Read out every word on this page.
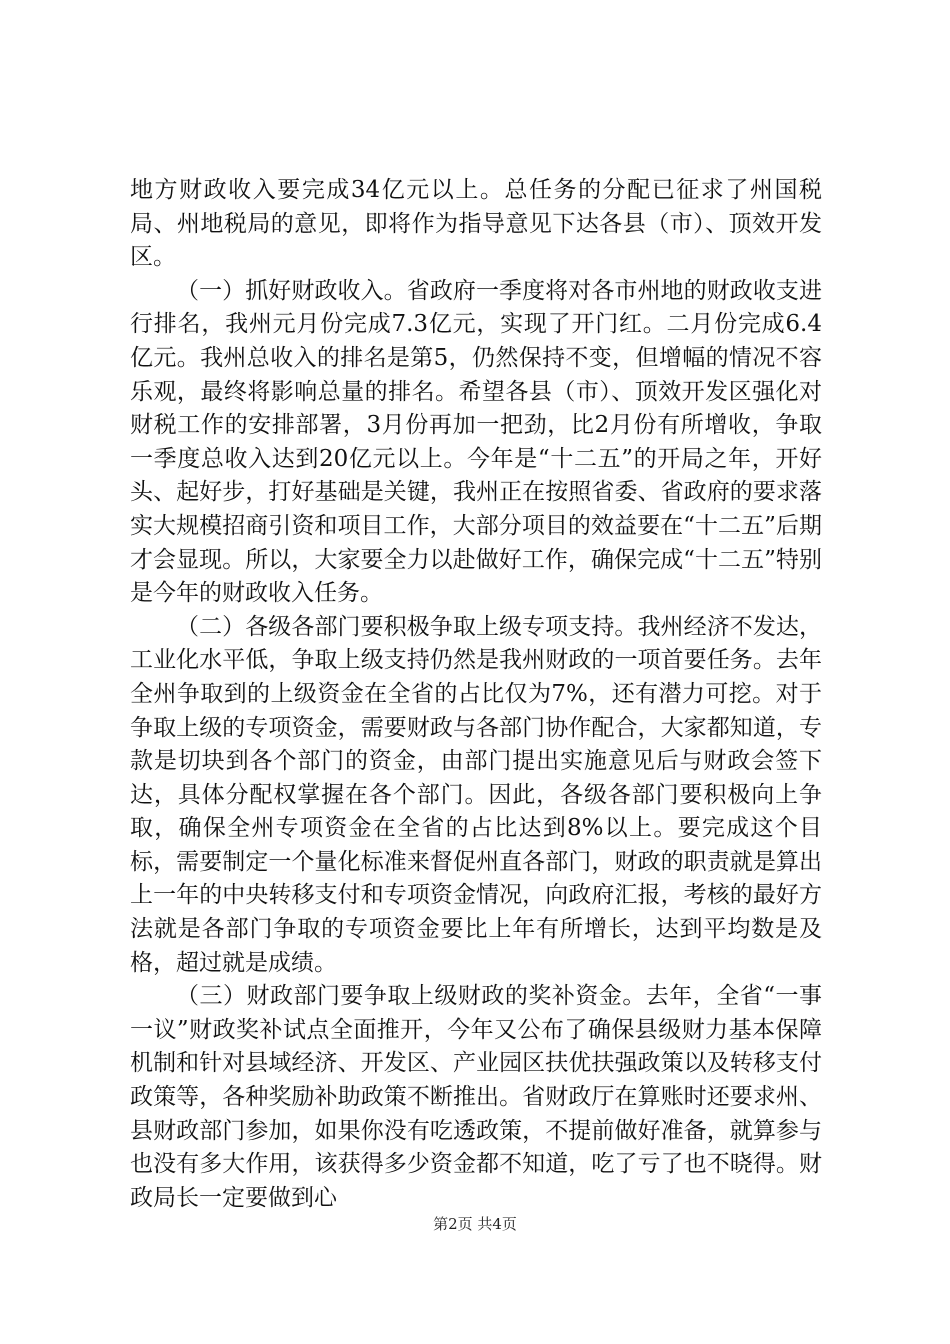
地方财政收入要完成34亿元以上。总任务的分配已征求了州国税局、州地税局的意见，即将作为指导意见下达各县（市）、顶效开发区。

（一）抓好财政收入。省政府一季度将对各市州地的财政收支进行排名，我州元月份完成7.3亿元，实现了开门红。二月份完成6.4亿元。我州总收入的排名是第5，仍然保持不变，但增幅的情况不容乐观，最终将影响总量的排名。希望各县（市）、顶效开发区强化对财税工作的安排部署，3月份再加一把劲，比2月份有所增收，争取一季度总收入达到20亿元以上。今年是“十二五”的开局之年，开好头、起好步，打好基础是关键，我州正在按照省委、省政府的要求落实大规模招商引资和项目工作，大部分项目的效益要在“十二五”后期才会显现。所以，大家要全力以赴做好工作，确保完成“十二五”特别是今年的财政收入任务。

（二）各级各部门要积极争取上级专项支持。我州经济不发达，工业化水平低，争取上级支持仍然是我州财政的一项首要任务。去年全州争取到的上级资金在全省的占比仅为7%，还有潜力可挖。对于争取上级的专项资金，需要财政与各部门协作配合，大家都知道，专款是切块到各个部门的资金，由部门提出实施意见后与财政会签下达，具体分配权掌握在各个部门。因此，各级各部门要积极向上争取，确保全州专项资金在全省的占比达到8%以上。要完成这个目标，需要制定一个量化标准来督促州直各部门，财政的职责就是算出上一年的中央转移支付和专项资金情况，向政府汇报，考核的最好方法就是各部门争取的专项资金要比上年有所增长，达到平均数是及格，超过就是成绩。

（三）财政部门要争取上级财政的奖补资金。去年，全省“一事一议”财政奖补试点全面推开，今年又公布了确保县级财力基本保障机制和针对县域经济、开发区、产业园区扶优扶强政策以及转移支付政策等，各种奖励补助政策不断推出。省财政厅在算账时还要求州、县财政部门参加，如果你没有吃透政策，不提前做好准备，就算参与也没有多大作用，该获得多少资金都不知道，吃了亏了也不晓得。财政局长一定要做到心

第2页 共4页
